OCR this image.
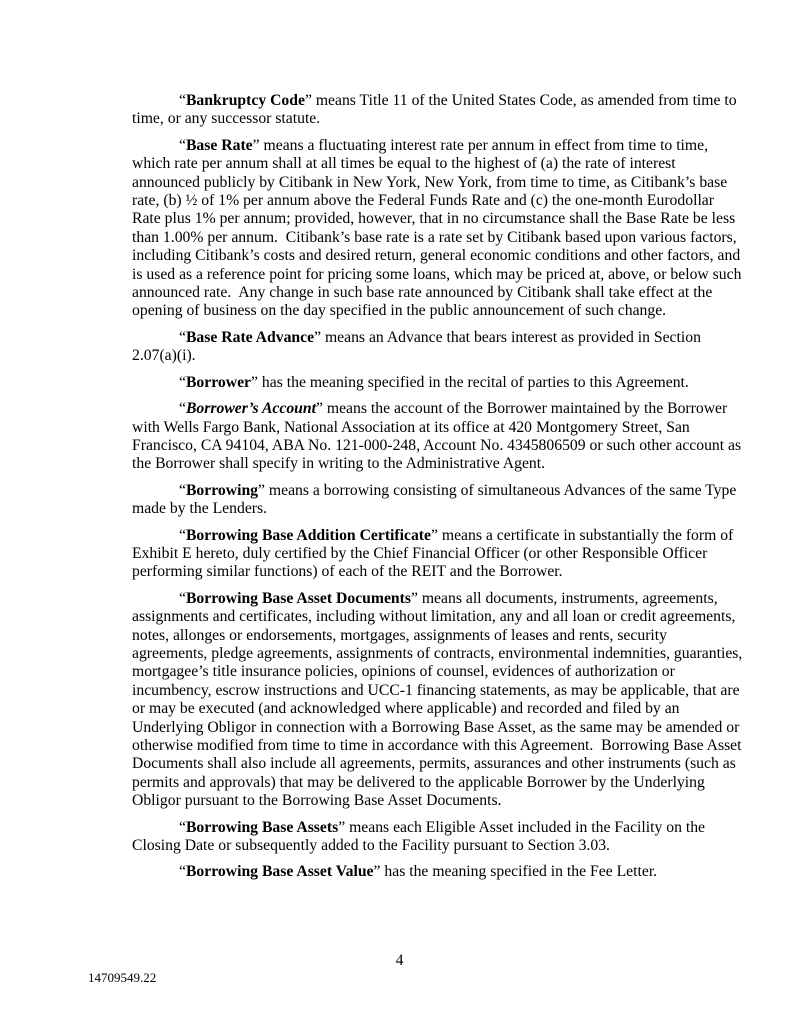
“Bankruptcy Code” means Title 11 of the United States Code, as amended from time to time, or any successor statute.

“Base Rate” means a fluctuating interest rate per annum in effect from time to time, which rate per annum shall at all times be equal to the highest of (a) the rate of interest announced publicly by Citibank in New York, New York, from time to time, as Citibank’s base rate, (b) ½ of 1% per annum above the Federal Funds Rate and (c) the one-month Eurodollar Rate plus 1% per annum; provided, however, that in no circumstance shall the Base Rate be less than 1.00% per annum.  Citibank’s base rate is a rate set by Citibank based upon various factors, including Citibank’s costs and desired return, general economic conditions and other factors, and is used as a reference point for pricing some loans, which may be priced at, above, or below such announced rate.  Any change in such base rate announced by Citibank shall take effect at the opening of business on the day specified in the public announcement of such change.

“Base Rate Advance” means an Advance that bears interest as provided in Section 2.07(a)(i).

“Borrower” has the meaning specified in the recital of parties to this Agreement.

“Borrower’s Account” means the account of the Borrower maintained by the Borrower with Wells Fargo Bank, National Association at its office at 420 Montgomery Street, San Francisco, CA 94104, ABA No. 121-000-248, Account No. 4345806509 or such other account as the Borrower shall specify in writing to the Administrative Agent.

“Borrowing” means a borrowing consisting of simultaneous Advances of the same Type made by the Lenders.

“Borrowing Base Addition Certificate” means a certificate in substantially the form of Exhibit E hereto, duly certified by the Chief Financial Officer (or other Responsible Officer performing similar functions) of each of the REIT and the Borrower.

“Borrowing Base Asset Documents” means all documents, instruments, agreements, assignments and certificates, including without limitation, any and all loan or credit agreements, notes, allonges or endorsements, mortgages, assignments of leases and rents, security agreements, pledge agreements, assignments of contracts, environmental indemnities, guaranties, mortgagee’s title insurance policies, opinions of counsel, evidences of authorization or incumbency, escrow instructions and UCC-1 financing statements, as may be applicable, that are or may be executed (and acknowledged where applicable) and recorded and filed by an Underlying Obligor in connection with a Borrowing Base Asset, as the same may be amended or otherwise modified from time to time in accordance with this Agreement.  Borrowing Base Asset Documents shall also include all agreements, permits, assurances and other instruments (such as permits and approvals) that may be delivered to the applicable Borrower by the Underlying Obligor pursuant to the Borrowing Base Asset Documents.

“Borrowing Base Assets” means each Eligible Asset included in the Facility on the Closing Date or subsequently added to the Facility pursuant to Section 3.03.

“Borrowing Base Asset Value” has the meaning specified in the Fee Letter.

4
14709549.22
